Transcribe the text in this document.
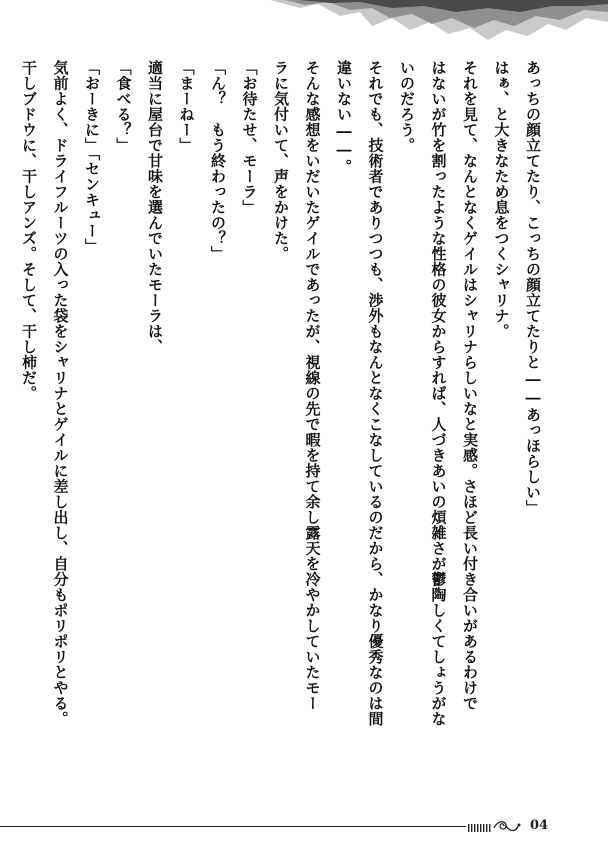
あっちの顔立てたり、こっちの顔立てたりと――あっほらしい」
はぁ、と大きなため息をつくシャリナ。
それを見て、なんとなくゲイルはシャリナらしいなと実感。さほど長い付き合いがあるわけで
はないが竹を割ったような性格の彼女からすれば、人づきあいの煩雑さが鬱陶しくてしょうがな
いのだろう。
それでも、技術者でありつつも、渉外もなんとなくこなしているのだから、かなり優秀なのは間
違いない――。
そんな感想をいだいたゲイルであったが、視線の先で暇を持て余し露天を冷やかしていたモー
ラに気付いて、声をかけた。
「お待たせ、モーラ」
「ん？　もう終わったの？」
「まーねー」
適当に屋台で甘味を選んでいたモーラは、
「食べる？」
「おーきに」「センキュー」
気前よく、ドライフルーツの入った袋をシャリナとゲイルに差し出し、自分もポリポリとやる。
干しブドウに、干しアンズ。そして、干し柿だ。
04
